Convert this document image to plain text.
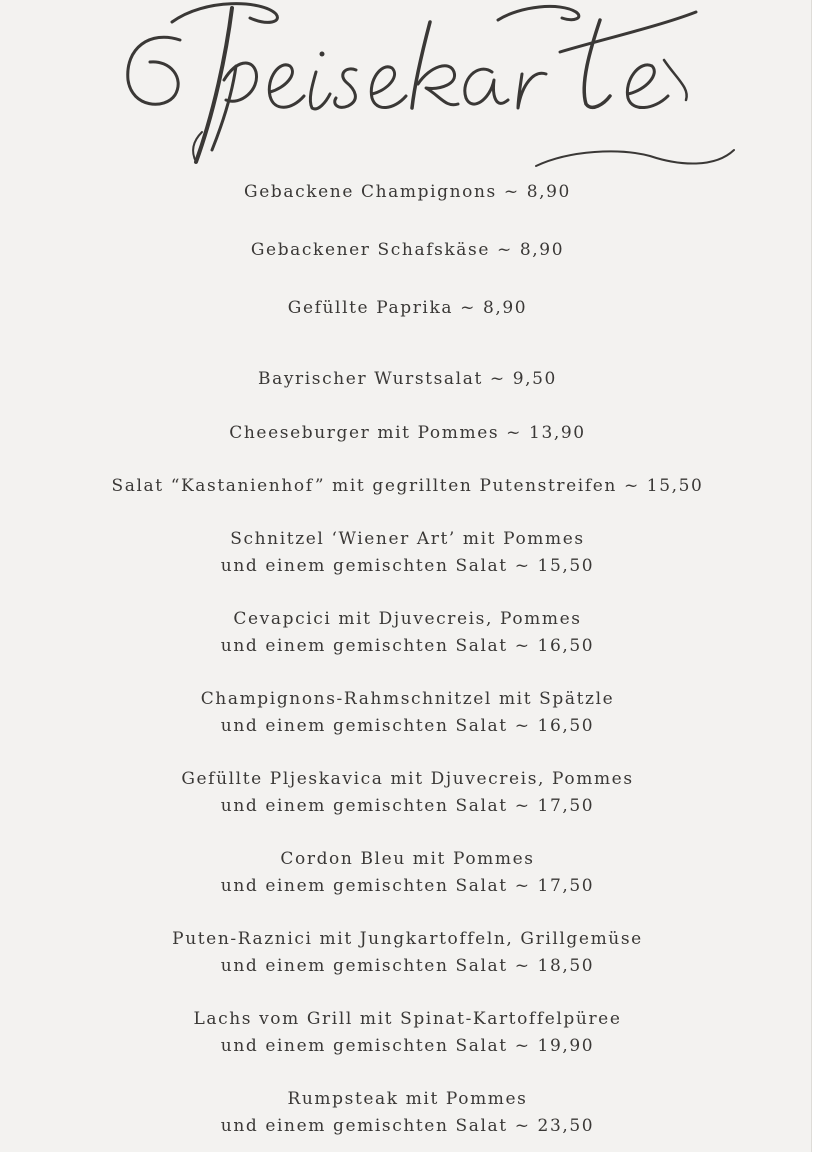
Gebackene Champignons ~ 8,90
Gebackener Schafskäse ~ 8,90
Gefüllte Paprika ~ 8,90
Bayrischer Wurstsalat ~ 9,50
Cheeseburger mit Pommes ~ 13,90
Salat “Kastanienhof” mit gegrillten Putenstreifen ~ 15,50
Schnitzel ‘Wiener Art’ mit Pommes
und einem gemischten Salat ~ 15,50
Cevapcici mit Djuvecreis, Pommes
und einem gemischten Salat ~ 16,50
Champignons-Rahmschnitzel mit Spätzle
und einem gemischten Salat ~ 16,50
Gefüllte Pljeskavica mit Djuvecreis, Pommes
und einem gemischten Salat ~ 17,50
Cordon Bleu mit Pommes
und einem gemischten Salat ~ 17,50
Puten-Raznici mit Jungkartoffeln, Grillgemüse
und einem gemischten Salat ~ 18,50
Lachs vom Grill mit Spinat-Kartoffelpüree
und einem gemischten Salat ~ 19,90
Rumpsteak mit Pommes
und einem gemischten Salat ~ 23,50
